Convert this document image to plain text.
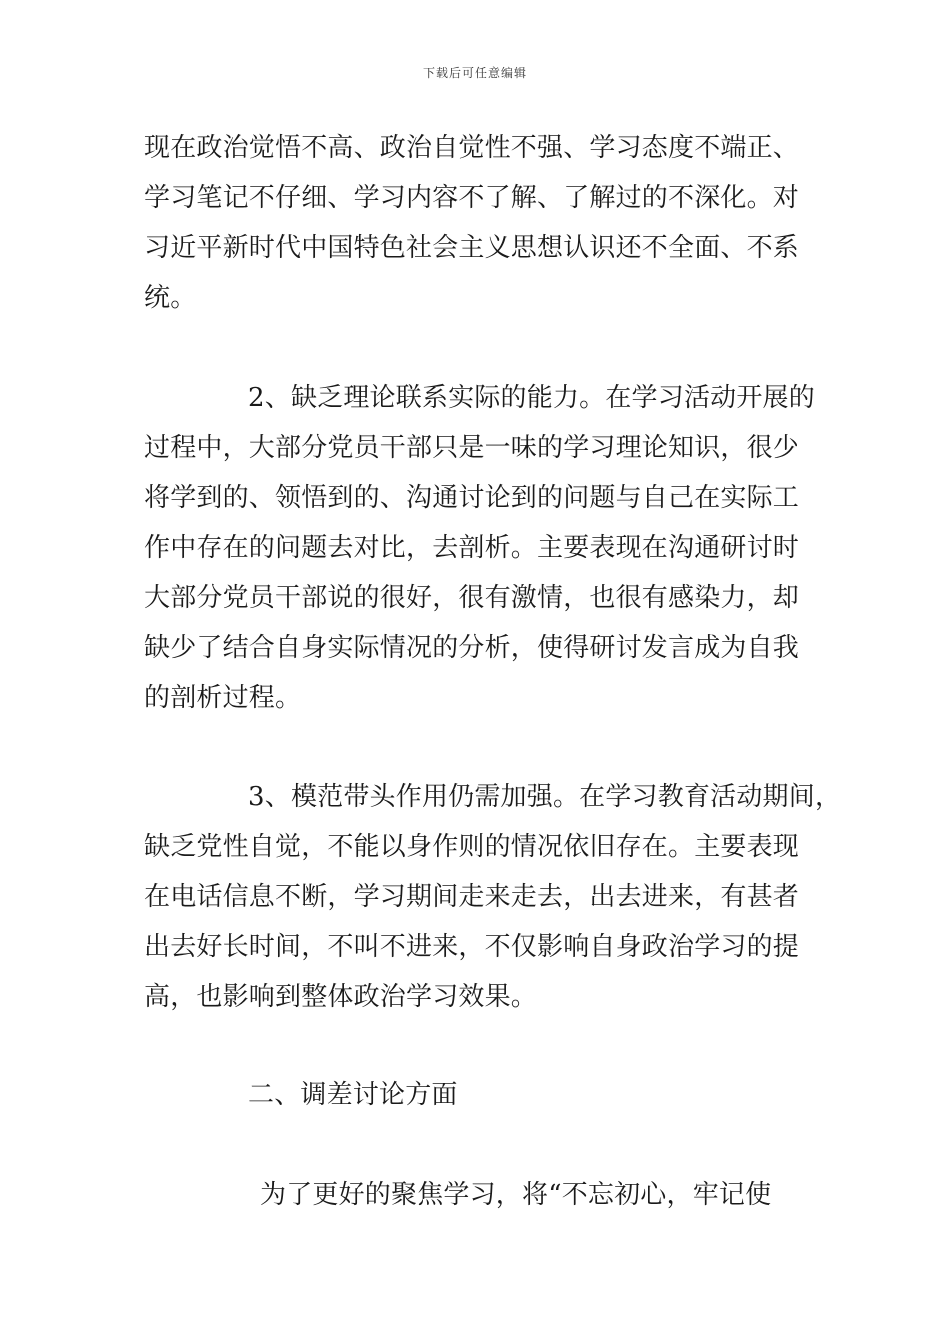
下载后可任意编辑
现在政治觉悟不高、政治自觉性不强、学习态度不端正、
学习笔记不仔细、学习内容不了解、了解过的不深化。对
习近平新时代中国特色社会主义思想认识还不全面、不系
统。
2、缺乏理论联系实际的能力。在学习活动开展的
过程中，大部分党员干部只是一味的学习理论知识，很少
将学到的、领悟到的、沟通讨论到的问题与自己在实际工
作中存在的问题去对比，去剖析。主要表现在沟通研讨时
大部分党员干部说的很好，很有激情，也很有感染力，却
缺少了结合自身实际情况的分析，使得研讨发言成为自我
的剖析过程。
3、模范带头作用仍需加强。在学习教育活动期间，
缺乏党性自觉，不能以身作则的情况依旧存在。主要表现
在电话信息不断，学习期间走来走去，出去进来，有甚者
出去好长时间，不叫不进来，不仅影响自身政治学习的提
高，也影响到整体政治学习效果。
二、调差讨论方面
为了更好的聚焦学习，将“不忘初心，牢记使
